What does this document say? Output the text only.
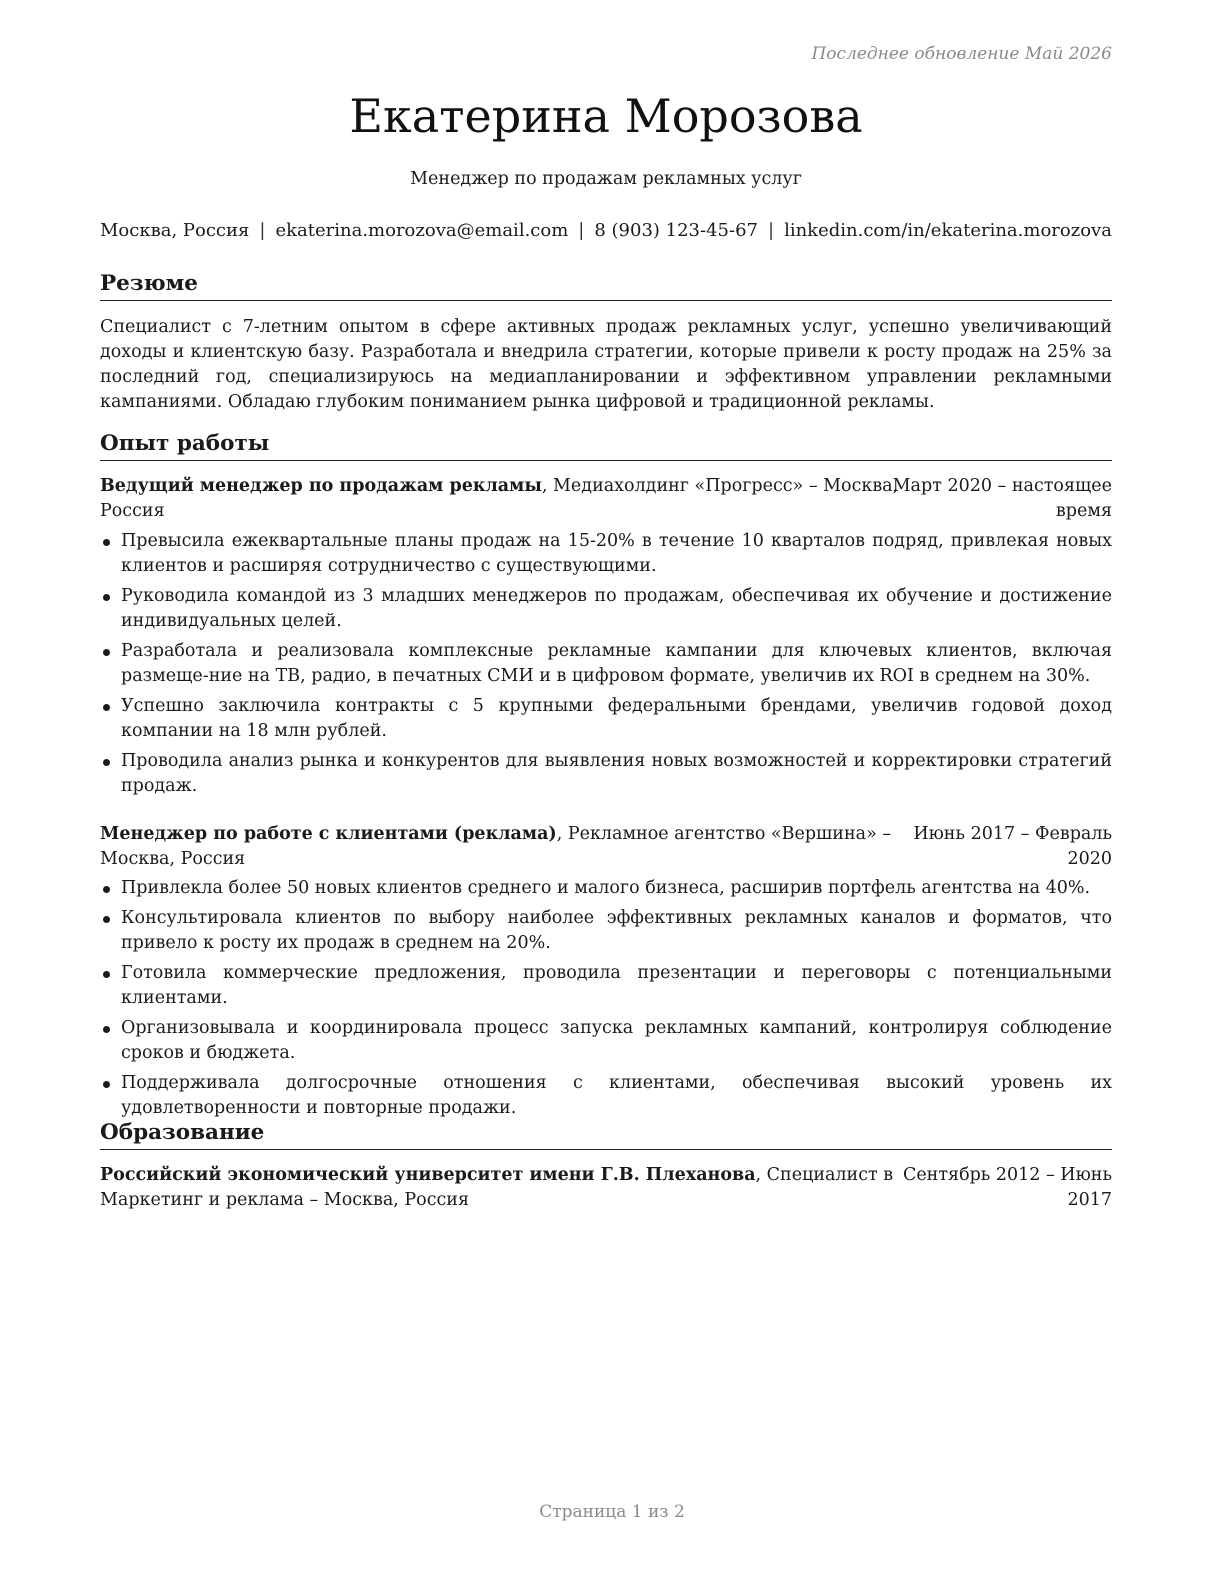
Последнее обновление Май 2026
Екатерина Морозова
Менеджер по продажам рекламных услуг
Москва, Россия | ekaterina.morozova@email.com | 8 (903) 123-45-67 | linkedin.com/in/ekaterina.morozova
Резюме
Специалист с 7-летним опытом в сфере активных продаж рекламных услуг, успешно увеличивающий доходы и клиентскую базу. Разработала и внедрила стратегии, которые привели к росту продаж на 25% за последний год, специализируюсь на медиапланировании и эффективном управлении рекламными кампаниями. Обладаю глубоким пониманием рынка цифровой и традиционной рекламы.
Опыт работы
Ведущий менеджер по продажам рекламы, Медиахолдинг «Прогресс» – Москва,
Россия
Март 2020 – настоящее
время
Превысила ежеквартальные планы продаж на 15-20% в течение 10 кварталов подряд, привлекая новых клиентов и расширяя сотрудничество с существующими.
Руководила командой из 3 младших менеджеров по продажам, обеспечивая их обучение и достижение индивидуальных целей.
Разработала и реализовала комплексные рекламные кампании для ключевых клиентов, включая размеще-ние на ТВ, радио, в печатных СМИ и в цифровом формате, увеличив их ROI в среднем на 30%.
Успешно заключила контракты с 5 крупными федеральными брендами, увеличив годовой доход компании на 18 млн рублей.
Проводила анализ рынка и конкурентов для выявления новых возможностей и корректировки стратегий продаж.
Менеджер по работе с клиентами (реклама), Рекламное агентство «Вершина» –
Москва, Россия
Июнь 2017 – Февраль
2020
Привлекла более 50 новых клиентов среднего и малого бизнеса, расширив портфель агентства на 40%.
Консультировала клиентов по выбору наиболее эффективных рекламных каналов и форматов, что привело к росту их продаж в среднем на 20%.
Готовила коммерческие предложения, проводила презентации и переговоры с потенциальными клиентами.
Организовывала и координировала процесс запуска рекламных кампаний, контролируя соблюдение сроков и бюджета.
Поддерживала долгосрочные отношения с клиентами, обеспечивая высокий уровень их удовлетворенности и повторные продажи.
Образование
Российский экономический университет имени Г.В. Плеханова, Специалист в
Маркетинг и реклама – Москва, Россия
Сентябрь 2012 – Июнь
2017
Страница 1 из 2
